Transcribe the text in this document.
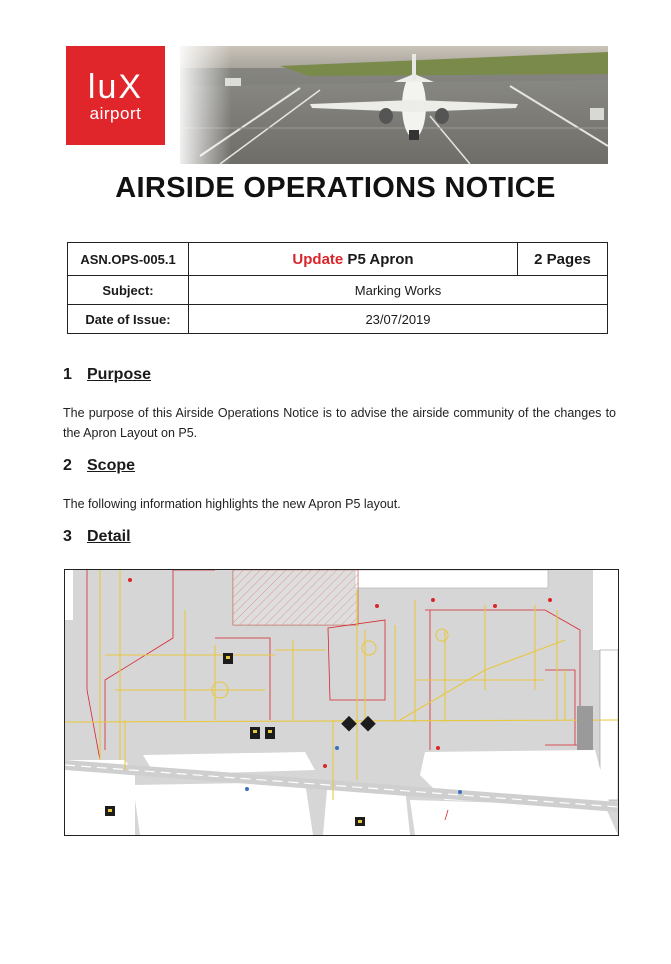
luX
airport
AIRSIDE OPERATIONS NOTICE
ASN.OPS-005.1	Update P5 Apron	2 Pages
Subject:	Marking Works	
Date of Issue:	23/07/2019	
1 Purpose
The purpose of this Airside Operations Notice is to advise the airside community of the changes to the Apron Layout on P5.
2 Scope
The following information highlights the new Apron P5 layout.
3 Detail
